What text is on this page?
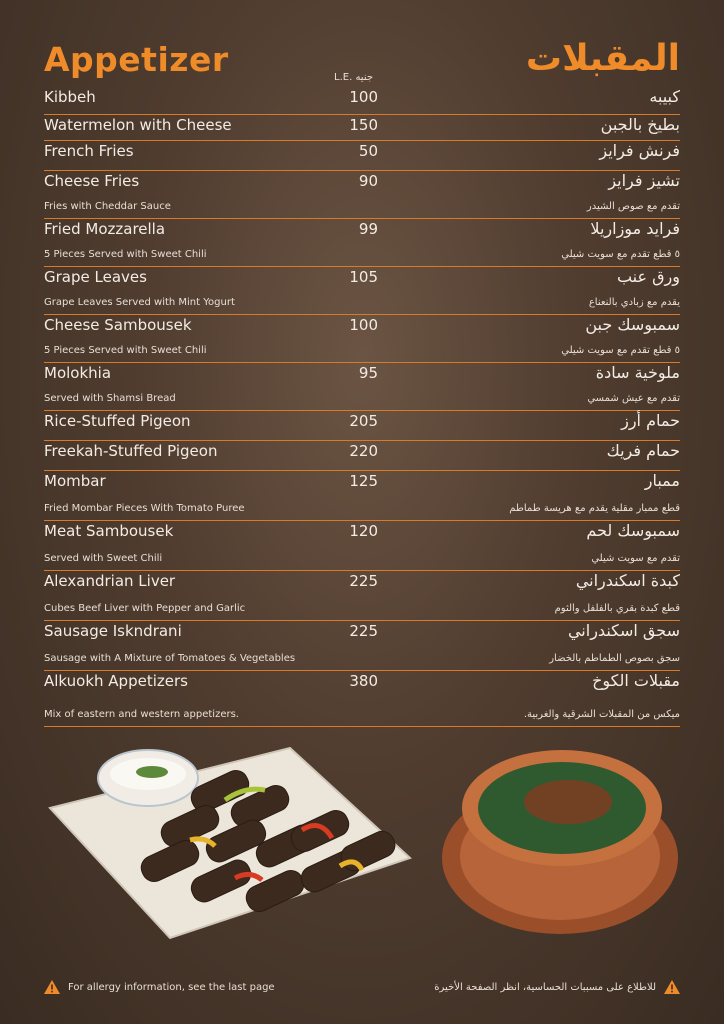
Appetizer	المقبلات
L.E. جنيه
Kibbeh	100	كبيبه
Watermelon with Cheese	150	بطيخ بالجبن
French Fries	50	فرنش فرايز
Cheese Fries	90	تشيز فرايز
Fries with Cheddar Sauce	تقدم مع صوص الشيدر
Fried Mozzarella	99	فرايد موزاريلا
5 Pieces Served with Sweet Chili	٥ قطع تقدم مع سويت شيلي
Grape Leaves	105	ورق عنب
Grape Leaves Served with Mint Yogurt	يقدم مع زبادي بالنعناع
Cheese Sambousek	100	سمبوسك جبن
5 Pieces Served with Sweet Chili	٥ قطع تقدم مع سويت شيلي
Molokhia	95	ملوخية سادة
Served with Shamsi Bread	تقدم مع عيش شمسي
Rice-Stuffed Pigeon	205	حمام أرز
Freekah-Stuffed Pigeon	220	حمام فريك
Mombar	125	ممبار
Fried Mombar Pieces With Tomato Puree	قطع ممبار مقلية يقدم مع هريسة طماطم
Meat Sambousek	120	سمبوسك لحم
Served with Sweet Chili	تقدم مع سويت شيلي
Alexandrian Liver	225	كبدة اسكندراني
Cubes Beef Liver with Pepper and Garlic	قطع كبدة بقري بالفلفل والثوم
Sausage Iskndrani	225	سجق اسكندراني
Sausage with A Mixture of Tomatoes & Vegetables	سجق بصوص الطماطم بالخضار
Alkuokh Appetizers	380	مقبلات الكوخ
Mix of eastern and western appetizers.	ميكس من المقبلات الشرقية والغربية.
For allergy information, see the last page	للاطلاع على مسببات الحساسية، انظر الصفحة الأخيرة
